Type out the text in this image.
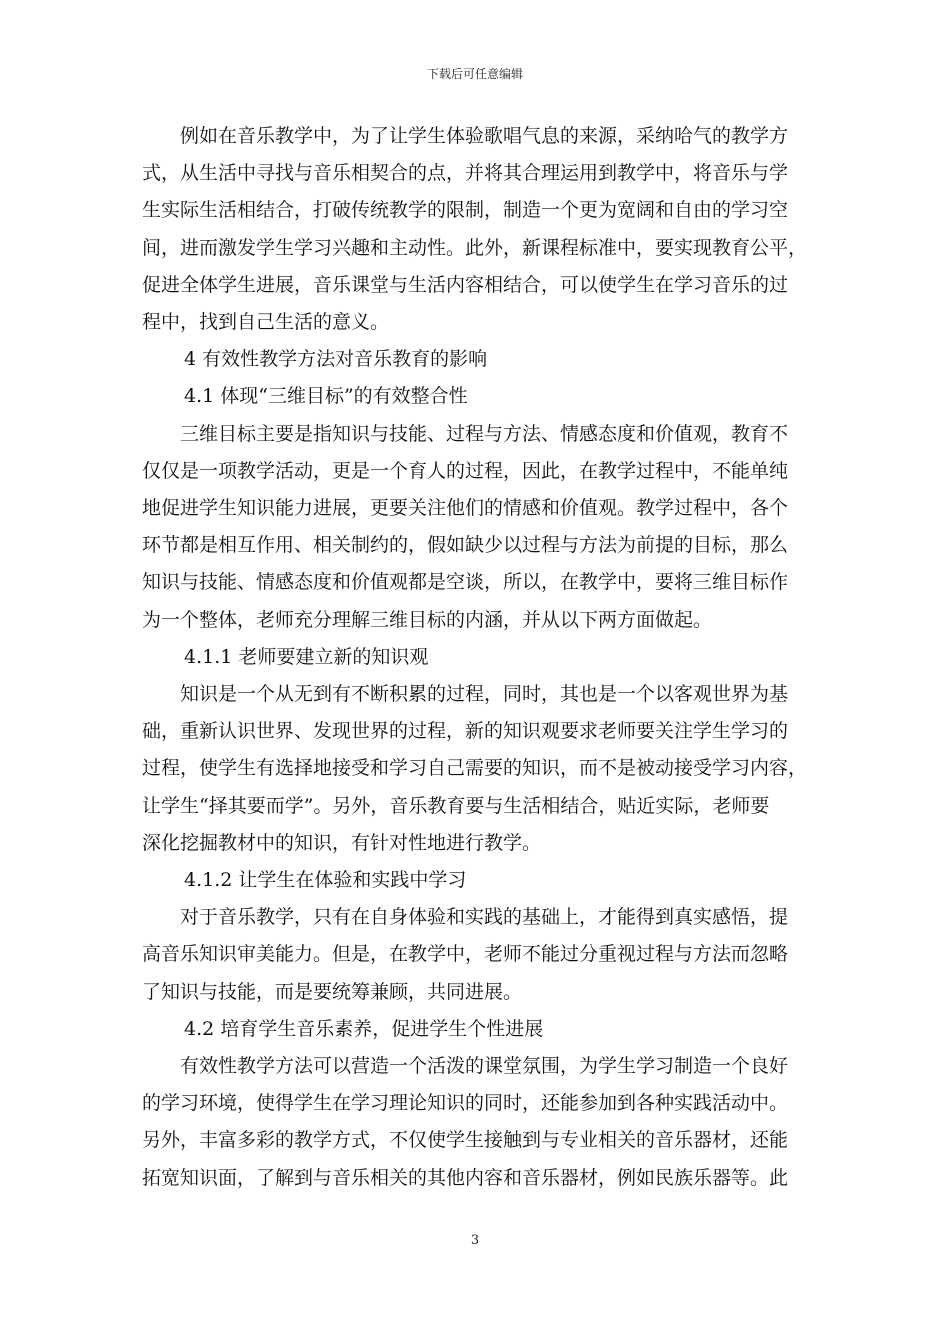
下载后可任意编辑

例如在音乐教学中，为了让学生体验歌唱气息的来源，采纳哈气的教学方
式，从生活中寻找与音乐相契合的点，并将其合理运用到教学中，将音乐与学
生实际生活相结合，打破传统教学的限制，制造一个更为宽阔和自由的学习空
间，进而激发学生学习兴趣和主动性。此外，新课程标准中，要实现教育公平，
促进全体学生进展，音乐课堂与生活内容相结合，可以使学生在学习音乐的过
程中，找到自己生活的意义。

4 有效性教学方法对音乐教育的影响

4.1 体现“三维目标”的有效整合性

三维目标主要是指知识与技能、过程与方法、情感态度和价值观，教育不
仅仅是一项教学活动，更是一个育人的过程，因此，在教学过程中，不能单纯
地促进学生知识能力进展，更要关注他们的情感和价值观。教学过程中，各个
环节都是相互作用、相关制约的，假如缺少以过程与方法为前提的目标，那么
知识与技能、情感态度和价值观都是空谈，所以，在教学中，要将三维目标作
为一个整体，老师充分理解三维目标的内涵，并从以下两方面做起。

4.1.1 老师要建立新的知识观

知识是一个从无到有不断积累的过程，同时，其也是一个以客观世界为基
础，重新认识世界、发现世界的过程，新的知识观要求老师要关注学生学习的
过程，使学生有选择地接受和学习自己需要的知识，而不是被动接受学习内容，
让学生“择其要而学”。另外，音乐教育要与生活相结合，贴近实际，老师要
深化挖掘教材中的知识，有针对性地进行教学。

4.1.2 让学生在体验和实践中学习

对于音乐教学，只有在自身体验和实践的基础上，才能得到真实感悟，提
高音乐知识审美能力。但是，在教学中，老师不能过分重视过程与方法而忽略
了知识与技能，而是要统筹兼顾，共同进展。

4.2 培育学生音乐素养，促进学生个性进展

有效性教学方法可以营造一个活泼的课堂氛围，为学生学习制造一个良好
的学习环境，使得学生在学习理论知识的同时，还能参加到各种实践活动中。
另外，丰富多彩的教学方式，不仅使学生接触到与专业相关的音乐器材，还能
拓宽知识面，了解到与音乐相关的其他内容和音乐器材，例如民族乐器等。此

3
